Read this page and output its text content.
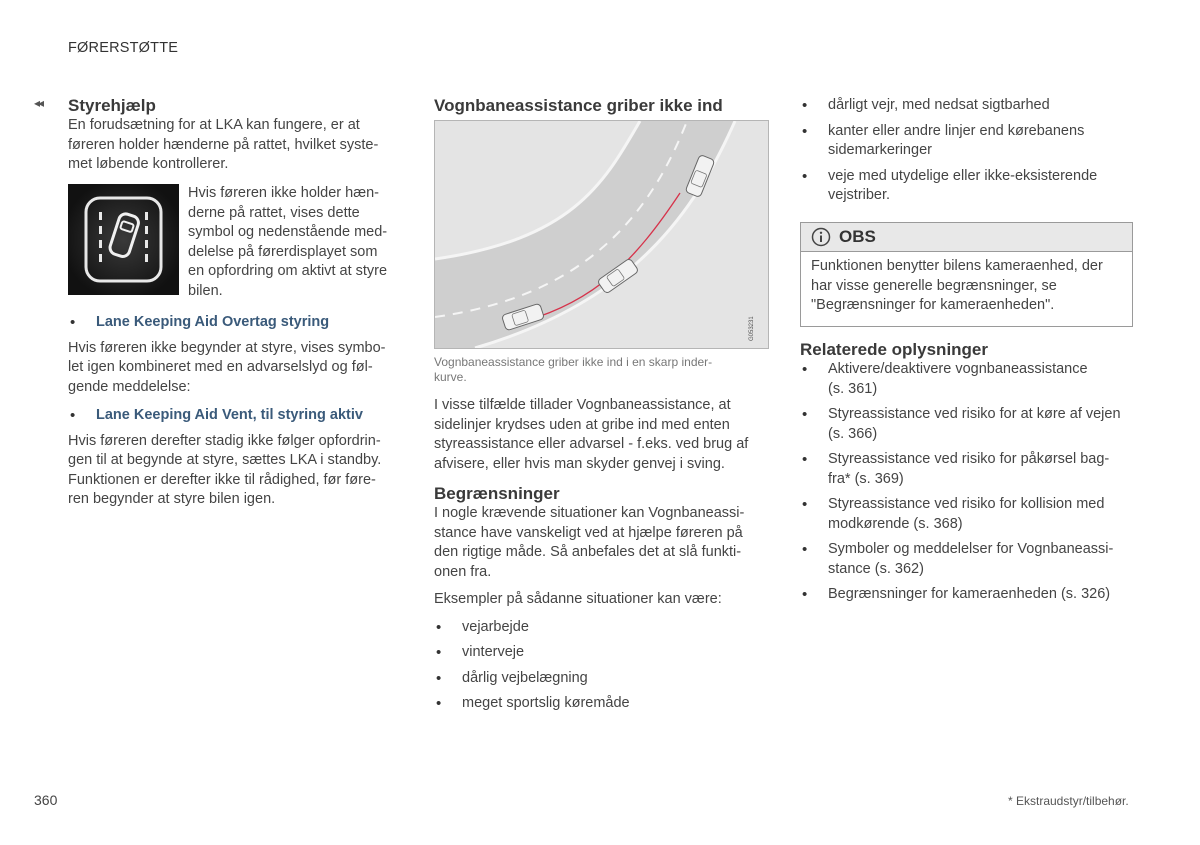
FØRERSTØTTE
◂◂ Styrehjælp

En forudsætning for at LKA kan fungere, er at
føreren holder hænderne på rattet, hvilket syste-
met løbende kontrollerer.

Hvis føreren ikke holder hæn-
derne på rattet, vises dette
symbol og nedenstående med-
delelse på førerdisplayet som
en opfordring om aktivt at styre
bilen.

• Lane Keeping Aid Overtag styring

Hvis føreren ikke begynder at styre, vises symbo-
let igen kombineret med en advarselslyd og føl-
gende meddelelse:

• Lane Keeping Aid Vent, til styring aktiv

Hvis føreren derefter stadig ikke følger opfordrin-
gen til at begynde at styre, sættes LKA i standby.
Funktionen er derefter ikke til rådighed, før føre-
ren begynder at styre bilen igen.

Vognbaneassistance griber ikke ind

G053231
Vognbaneassistance griber ikke ind i en skarp inder-
kurve.

I visse tilfælde tillader Vognbaneassistance, at
sidelinjer krydses uden at gribe ind med enten
styreassistance eller advarsel - f.eks. ved brug af
afvisere, eller hvis man skyder genvej i sving.

Begrænsninger

I nogle krævende situationer kan Vognbaneassi-
stance have vanskeligt ved at hjælpe føreren på
den rigtige måde. Så anbefales det at slå funkti-
onen fra.

Eksempler på sådanne situationer kan være:

• vejarbejde
• vinterveje
• dårlig vejbelægning
• meget sportslig køremåde
• dårligt vejr, med nedsat sigtbarhed
• kanter eller andre linjer end kørebanens
sidemarkeringer
• veje med utydelige eller ikke-eksisterende
vejstriber.
OBS
Funktionen benytter bilens kameraenhed, der
har visse generelle begrænsninger, se
"Begrænsninger for kameraenheden".

Relaterede oplysninger

• Aktivere/deaktivere vognbaneassistance
(s. 361)
• Styreassistance ved risiko for at køre af vejen
(s. 366)
• Styreassistance ved risiko for påkørsel bag-
fra* (s. 369)
• Styreassistance ved risiko for kollision med
modkørende (s. 368)
• Symboler og meddelelser for Vognbaneassi-
stance (s. 362)
• Begrænsninger for kameraenheden (s. 326)
360	* Ekstraudstyr/tilbehør.
